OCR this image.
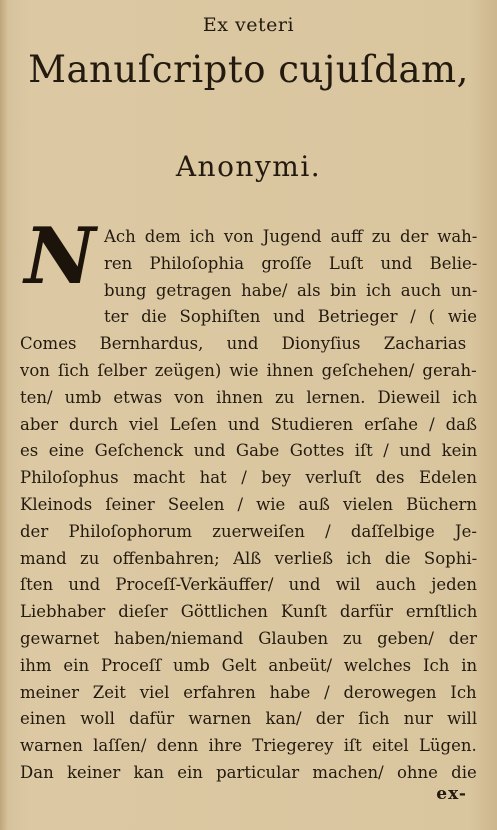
Ex veteri
Manuſcripto cujuſdam,
Anonymi.
N Ach dem ich von Jugend auff zu der wah-
ren Philoſophia groſſe Luſt und Belie-
bung getragen habe/ als bin ich auch un-
ter die Sophiſten und Betrieger / ( wie
Comes Bernhardus, und Dionyſius Zacharias
von ſich ſelber zeügen) wie ihnen geſchehen/ gerah-
ten/ umb etwas von ihnen zu lernen. Dieweil ich
aber durch viel Leſen und Studieren erſahe / daß
es eine Geſchenck und Gabe Gottes iſt / und kein
Philoſophus macht hat / bey verluſt des Edelen
Kleinods ſeiner Seelen / wie auß vielen Büchern
der Philoſophorum zuerweiſen / daſſelbige Je-
mand zu offenbahren; Alß verließ ich die Sophi-
ſten und Proceſſ-Verkäuffer/ und wil auch jeden
Liebhaber dieſer Göttlichen Kunſt darfür ernſtlich
gewarnet haben/niemand Glauben zu geben/ der
ihm ein Proceſſ umb Gelt anbeüt/ welches Ich in
meiner Zeit viel erfahren habe / derowegen Ich
einen woll dafür warnen kan/ der ſich nur will
warnen laſſen/ denn ihre Triegerey iſt eitel Lügen.
Dan keiner kan ein particular machen/ ohne die
ex-
